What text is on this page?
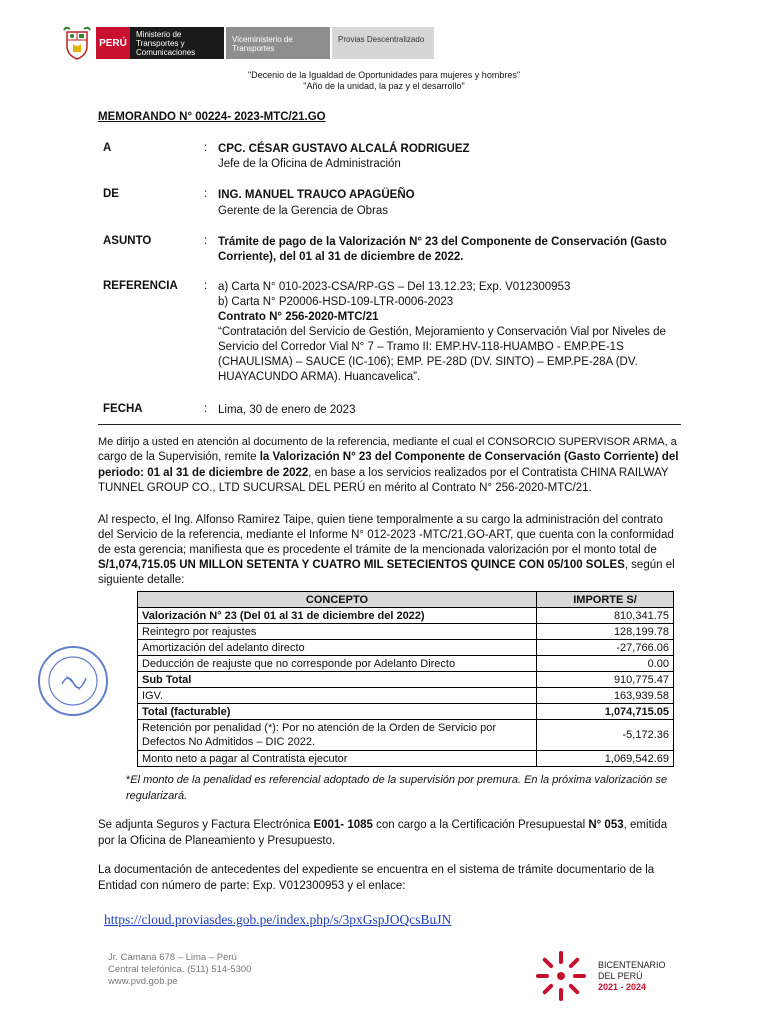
PERÚ
Ministerio de Transportes y Comunicaciones
Viceministerio de Transportes
Provias Descentralizado
"Decenio de la Igualdad de Oportunidades para mujeres y hombres"
"Año de la unidad, la paz y el desarrollo"
MEMORANDO N° 00224- 2023-MTC/21.GO
A	: CPC. CÉSAR GUSTAVO ALCALÁ RODRIGUEZ
Jefe de la Oficina de Administración
DE	: ING. MANUEL TRAUCO APAGÜEÑO
Gerente de la Gerencia de Obras
ASUNTO	: Trámite de pago de la Valorización N° 23 del Componente de Conservación (Gasto
Corriente), del 01 al 31 de diciembre de 2022.
REFERENCIA : a) Carta N° 010-2023-CSA/RP-GS – Del 13.12.23; Exp. V012300953
b) Carta N° P20006-HSD-109-LTR-0006-2023
Contrato N° 256-2020-MTC/21
“Contratación del Servicio de Gestión, Mejoramiento y Conservación Vial por Niveles de
Servicio del Corredor Vial N° 7 – Tramo II: EMP.HV-118-HUAMBO - EMP.PE-1S
(CHAULISMA) – SAUCE (IC-106); EMP. PE-28D (DV. SINTO) – EMP.PE-28A (DV.
HUAYACUNDO ARMA). Huancavelica”.
FECHA	: Lima, 30 de enero de 2023
Me dirijo a usted en atención al documento de la referencia, mediante el cual el CONSORCIO SUPERVISOR ARMA, a
cargo de la Supervisión, remite la Valorización N° 23 del Componente de Conservación (Gasto Corriente) del
periodo: 01 al 31 de diciembre de 2022, en base a los servicios realizados por el Contratista CHINA RAILWAY
TUNNEL GROUP CO., LTD SUCURSAL DEL PERÚ en mérito al Contrato N° 256-2020-MTC/21.
Al respecto, el Ing. Alfonso Ramirez Taipe, quien tiene temporalmente a su cargo la administración del contrato
del Servicio de la referencia, mediante el Informe N° 012-2023 -MTC/21.GO-ART, que cuenta con la conformidad
de esta gerencia; manifiesta que es procedente el trámite de la mencionada valorización por el monto total de
S/1,074,715.05 UN MILLON SETENTA Y CUATRO MIL SETECIENTOS QUINCE CON 05/100 SOLES, según el
siguiente detalle:
CONCEPTO	IMPORTE S/
Valorización N° 23 (Del 01 al 31 de diciembre del 2022)	810,341.75
Reintegro por reajustes	128,199.78
Amortización del adelanto directo	-27,766.06
Deducción de reajuste que no corresponde por Adelanto Directo	0.00
Sub Total	910,775.47
IGV.	163,939.58
Total (facturable)	1,074,715.05
Retención por penalidad (*): Por no atención de la Orden de Servicio por Defectos No Admitidos – DIC 2022.	-5,172.36
Monto neto a pagar al Contratista ejecutor	1,069,542.69
*El monto de la penalidad es referencial adoptado de la supervisión por premura. En la próxima valorización se regularizará.
Se adjunta Seguros y Factura Electrónica E001- 1085 con cargo a la Certificación Presupuestal N° 053, emitida
por la Oficina de Planeamiento y Presupuesto.
La documentación de antecedentes del expediente se encuentra en el sistema de trámite documentario de la
Entidad con número de parte: Exp. V012300953 y el enlace:
https://cloud.proviasdes.gob.pe/index.php/s/3pxGspJOQcsBuJN
Jr. Camaná 678 – Lima – Perú
Central telefónica. (511) 514-5300
www.pvd.gob.pe
BICENTENARIO
DEL PERÚ
2021 - 2024
